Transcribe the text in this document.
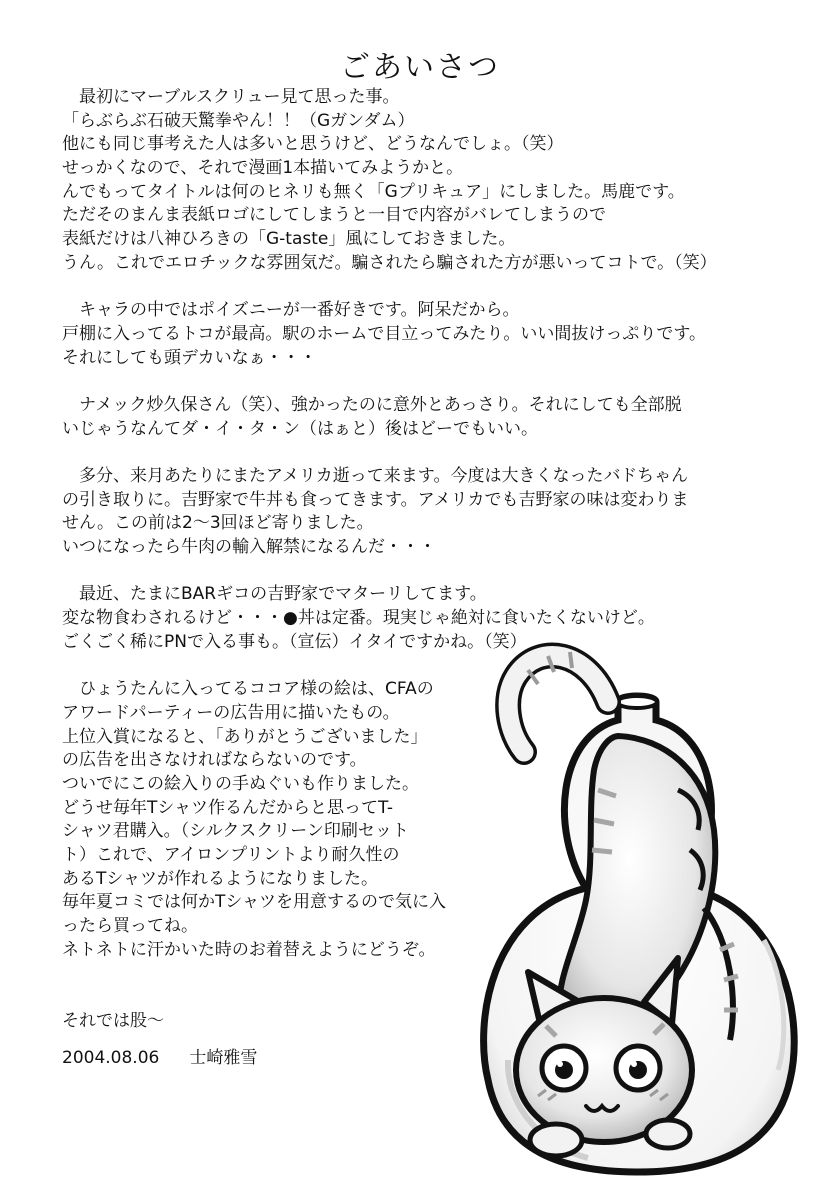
ごあいさつ
　最初にマーブルスクリュー見て思った事。
「らぶらぶ石破天驚拳やん！！（Gガンダム）
他にも同じ事考えた人は多いと思うけど、どうなんでしょ。（笑）
せっかくなので、それで漫画1本描いてみようかと。
んでもってタイトルは何のヒネリも無く「Gプリキュア」にしました。馬鹿です。
ただそのまんま表紙ロゴにしてしまうと一目で内容がバレてしまうので
表紙だけは八神ひろきの「G-taste」風にしておきました。
うん。これでエロチックな雰囲気だ。騙されたら騙された方が悪いってコトで。（笑）
　キャラの中ではポイズニーが一番好きです。阿呆だから。
戸棚に入ってるトコが最高。駅のホームで目立ってみたり。いい間抜けっぷりです。
それにしても頭デカいなぁ・・・
　ナメック炒久保さん（笑）、強かったのに意外とあっさり。それにしても全部脱
いじゃうなんてダ・イ・タ・ン（はぁと）後はどーでもいい。
　多分、来月あたりにまたアメリカ逝って来ます。今度は大きくなったバドちゃん
の引き取りに。吉野家で牛丼も食ってきます。アメリカでも吉野家の味は変わりま
せん。この前は2〜3回ほど寄りました。
いつになったら牛肉の輸入解禁になるんだ・・・
　最近、たまにBARギコの吉野家でマターリしてます。
変な物食わされるけど・・・●丼は定番。現実じゃ絶対に食いたくないけど。
ごくごく稀にPNで入る事も。（宣伝）イタイですかね。（笑）
　ひょうたんに入ってるココア様の絵は、CFAの
アワードパーティーの広告用に描いたもの。
上位入賞になると、「ありがとうございました」
の広告を出さなければならないのです。
ついでにこの絵入りの手ぬぐいも作りました。
どうせ毎年Tシャツ作るんだからと思ってT-
シャツ君購入。（シルクスクリーン印刷セット
ト）これで、アイロンプリントより耐久性の
あるTシャツが作れるようになりました。
毎年夏コミでは何かTシャツを用意するので気に入
ったら買ってね。
ネトネトに汗かいた時のお着替えようにどうぞ。
それでは股〜
2004.08.06 士崎雅雪
